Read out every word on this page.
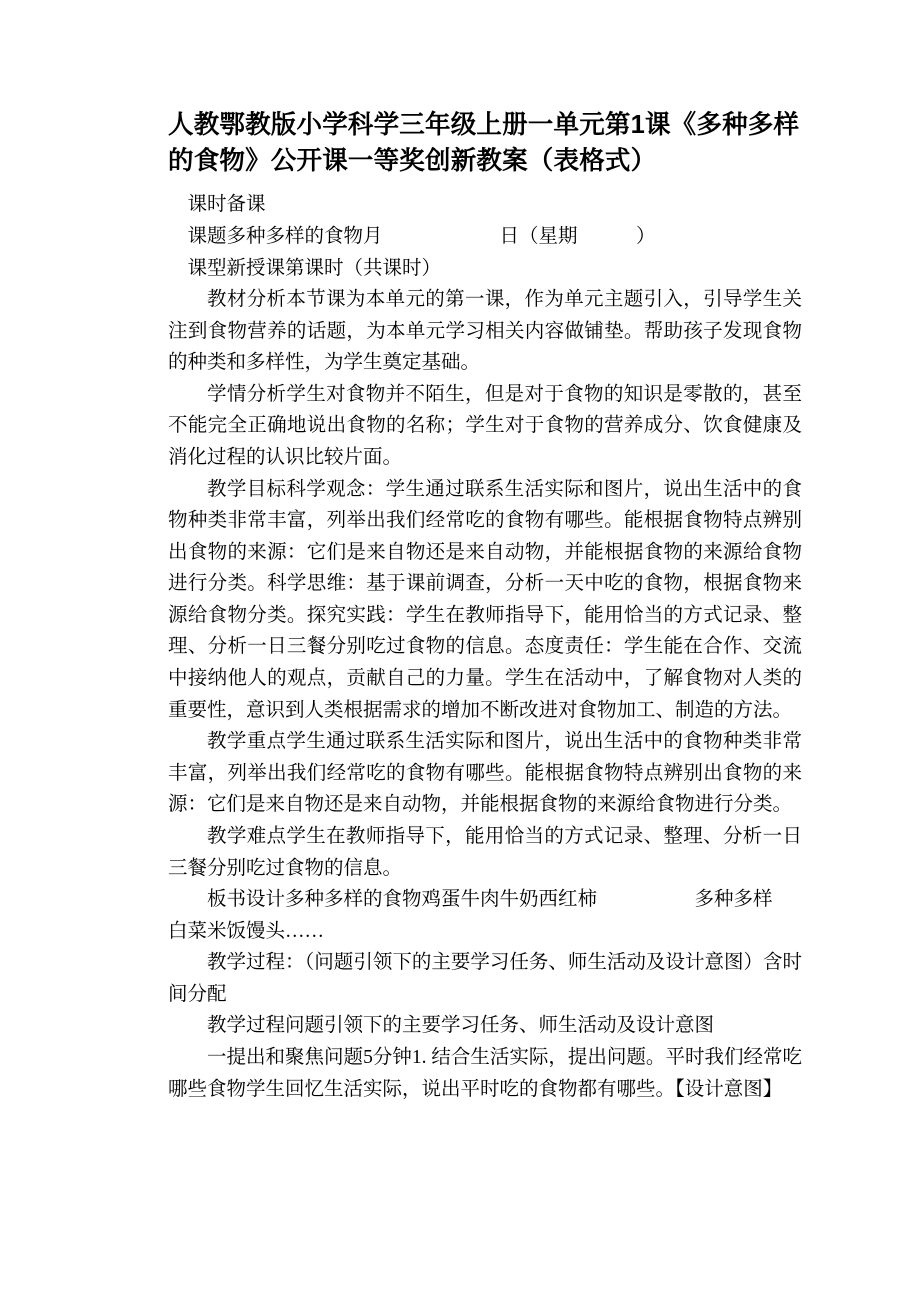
人教鄂教版小学科学三年级上册一单元第1课《多种多样的食物》公开课一等奖创新教案（表格式）

课时备课

课题多种多样的食物月　　　　　　日（星期　　　）

课型新授课第课时（共课时）

教材分析本节课为本单元的第一课，作为单元主题引入，引导学生关注到食物营养的话题，为本单元学习相关内容做铺垫。帮助孩子发现食物的种类和多样性，为学生奠定基础。

学情分析学生对食物并不陌生，但是对于食物的知识是零散的，甚至不能完全正确地说出食物的名称；学生对于食物的营养成分、饮食健康及消化过程的认识比较片面。

教学目标科学观念：学生通过联系生活实际和图片，说出生活中的食物种类非常丰富，列举出我们经常吃的食物有哪些。能根据食物特点辨别出食物的来源：它们是来自物还是来自动物，并能根据食物的来源给食物进行分类。科学思维：基于课前调查，分析一天中吃的食物，根据食物来源给食物分类。探究实践：学生在教师指导下，能用恰当的方式记录、整理、分析一日三餐分别吃过食物的信息。态度责任：学生能在合作、交流中接纳他人的观点，贡献自己的力量。学生在活动中，了解食物对人类的重要性，意识到人类根据需求的增加不断改进对食物加工、制造的方法。

教学重点学生通过联系生活实际和图片，说出生活中的食物种类非常丰富，列举出我们经常吃的食物有哪些。能根据食物特点辨别出食物的来源：它们是来自物还是来自动物，并能根据食物的来源给食物进行分类。

教学难点学生在教师指导下，能用恰当的方式记录、整理、分析一日三餐分别吃过食物的信息。

板书设计多种多样的食物鸡蛋牛肉牛奶西红柿　　　　　多种多样

白菜米饭馒头……

教学过程：（问题引领下的主要学习任务、师生活动及设计意图）含时间分配

教学过程问题引领下的主要学习任务、师生活动及设计意图

一提出和聚焦问题5分钟1. 结合生活实际，提出问题。平时我们经常吃哪些食物学生回忆生活实际，说出平时吃的食物都有哪些。【设计意图】
